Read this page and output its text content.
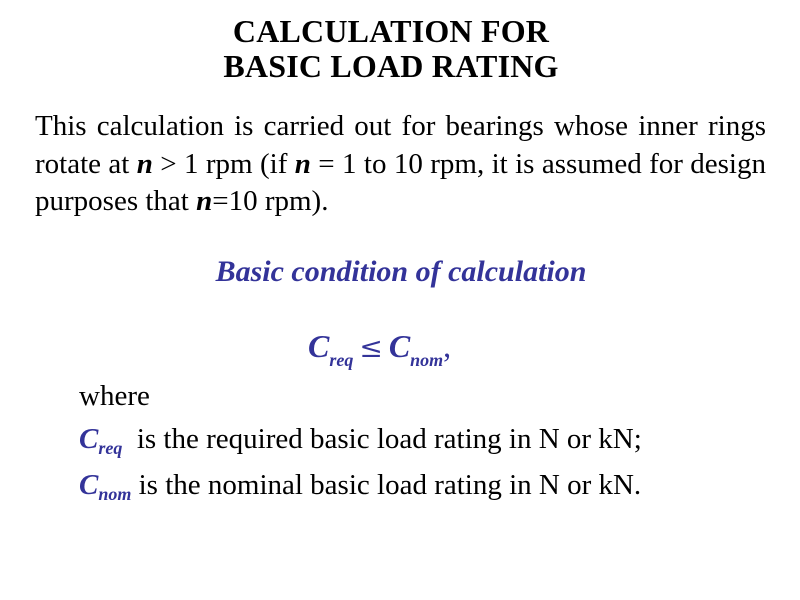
CALCULATION FOR
BASIC LOAD RATING
This calculation is carried out for bearings whose inner rings rotate at n > 1 rpm (if n = 1 to 10 rpm, it is assumed for design purposes that n=10 rpm).
Basic condition of calculation
$C_{req} \le C_{nom}$,
where
$C_{req}$  is the required basic load rating in N or kN;
$C_{nom}$ is the nominal basic load rating in N or kN.
